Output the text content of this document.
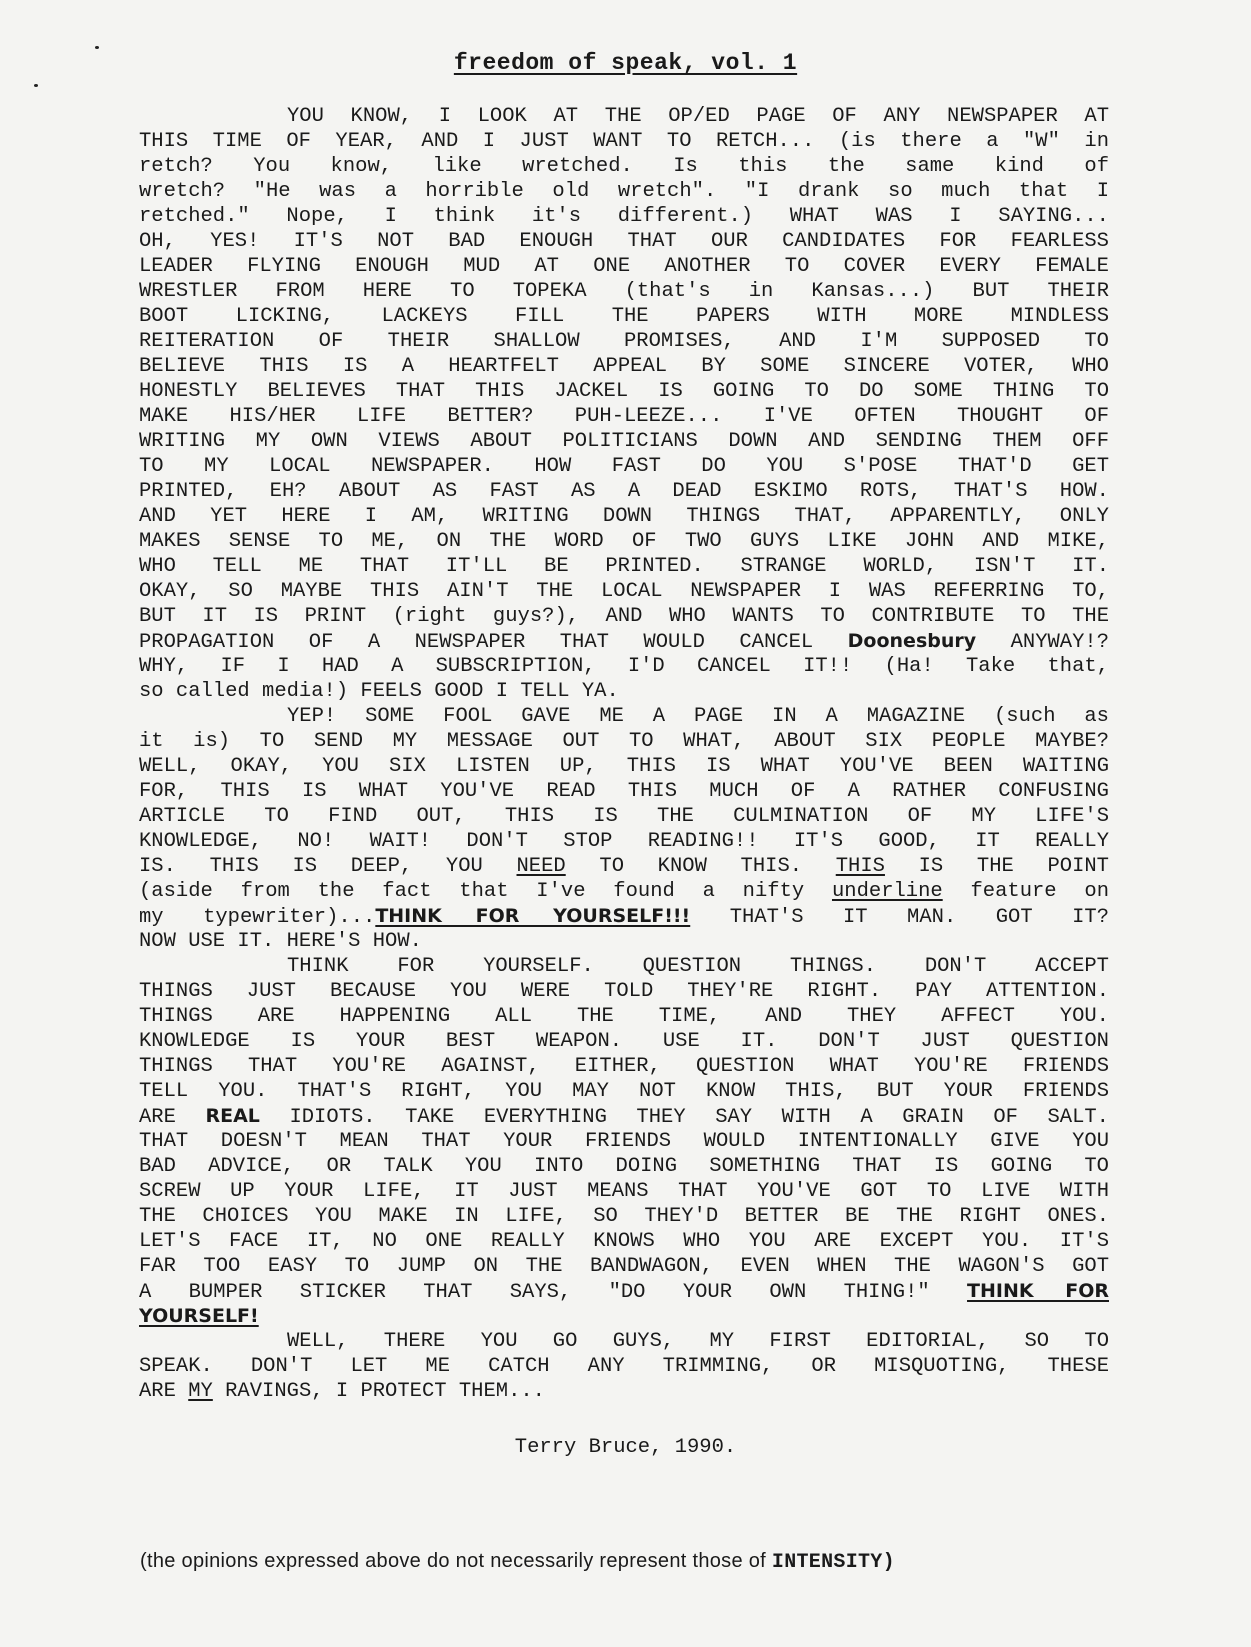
freedom of speak, vol. 1
YOU KNOW, I LOOK AT THE OP/ED PAGE OF ANY NEWSPAPER AT
THIS TIME OF YEAR, AND I JUST WANT TO RETCH... (is there a "W" in
retch? You know, like wretched. Is this the same kind of
wretch? "He was a horrible old wretch". "I drank so much that I
retched." Nope, I think it's different.) WHAT WAS I SAYING...
OH, YES! IT'S NOT BAD ENOUGH THAT OUR CANDIDATES FOR FEARLESS
LEADER FLYING ENOUGH MUD AT ONE ANOTHER TO COVER EVERY FEMALE
WRESTLER FROM HERE TO TOPEKA (that's in Kansas...) BUT THEIR
BOOT LICKING, LACKEYS FILL THE PAPERS WITH MORE MINDLESS
REITERATION OF THEIR SHALLOW PROMISES, AND I'M SUPPOSED TO
BELIEVE THIS IS A HEARTFELT APPEAL BY SOME SINCERE VOTER, WHO
HONESTLY BELIEVES THAT THIS JACKEL IS GOING TO DO SOME THING TO
MAKE HIS/HER LIFE BETTER? PUH-LEEZE... I'VE OFTEN THOUGHT OF
WRITING MY OWN VIEWS ABOUT POLITICIANS DOWN AND SENDING THEM OFF
TO MY LOCAL NEWSPAPER. HOW FAST DO YOU S'POSE THAT'D GET
PRINTED, EH? ABOUT AS FAST AS A DEAD ESKIMO ROTS, THAT'S HOW.
AND YET HERE I AM, WRITING DOWN THINGS THAT, APPARENTLY, ONLY
MAKES SENSE TO ME, ON THE WORD OF TWO GUYS LIKE JOHN AND MIKE,
WHO TELL ME THAT IT'LL BE PRINTED. STRANGE WORLD, ISN'T IT.
OKAY, SO MAYBE THIS AIN'T THE LOCAL NEWSPAPER I WAS REFERRING TO,
BUT IT IS PRINT (right guys?), AND WHO WANTS TO CONTRIBUTE TO THE
PROPAGATION OF A NEWSPAPER THAT WOULD CANCEL Doonesbury ANYWAY!?
WHY, IF I HAD A SUBSCRIPTION, I'D CANCEL IT!! (Ha! Take that,
so called media!) FEELS GOOD I TELL YA.
YEP! SOME FOOL GAVE ME A PAGE IN A MAGAZINE (such as
it is) TO SEND MY MESSAGE OUT TO WHAT, ABOUT SIX PEOPLE MAYBE?
WELL, OKAY, YOU SIX LISTEN UP, THIS IS WHAT YOU'VE BEEN WAITING
FOR, THIS IS WHAT YOU'VE READ THIS MUCH OF A RATHER CONFUSING
ARTICLE TO FIND OUT, THIS IS THE CULMINATION OF MY LIFE'S
KNOWLEDGE, NO! WAIT! DON'T STOP READING!! IT'S GOOD, IT REALLY
IS. THIS IS DEEP, YOU NEED TO KNOW THIS. THIS IS THE POINT
(aside from the fact that I've found a nifty underline feature on
my typewriter)...THINK FOR YOURSELF!!! THAT'S IT MAN. GOT IT?
NOW USE IT. HERE'S HOW.
THINK FOR YOURSELF. QUESTION THINGS. DON'T ACCEPT
THINGS JUST BECAUSE YOU WERE TOLD THEY'RE RIGHT. PAY ATTENTION.
THINGS ARE HAPPENING ALL THE TIME, AND THEY AFFECT YOU.
KNOWLEDGE IS YOUR BEST WEAPON. USE IT. DON'T JUST QUESTION
THINGS THAT YOU'RE AGAINST, EITHER, QUESTION WHAT YOU'RE FRIENDS
TELL YOU. THAT'S RIGHT, YOU MAY NOT KNOW THIS, BUT YOUR FRIENDS
ARE REAL IDIOTS. TAKE EVERYTHING THEY SAY WITH A GRAIN OF SALT.
THAT DOESN'T MEAN THAT YOUR FRIENDS WOULD INTENTIONALLY GIVE YOU
BAD ADVICE, OR TALK YOU INTO DOING SOMETHING THAT IS GOING TO
SCREW UP YOUR LIFE, IT JUST MEANS THAT YOU'VE GOT TO LIVE WITH
THE CHOICES YOU MAKE IN LIFE, SO THEY'D BETTER BE THE RIGHT ONES.
LET'S FACE IT, NO ONE REALLY KNOWS WHO YOU ARE EXCEPT YOU. IT'S
FAR TOO EASY TO JUMP ON THE BANDWAGON, EVEN WHEN THE WAGON'S GOT
A BUMPER STICKER THAT SAYS, "DO YOUR OWN THING!" THINK FOR
YOURSELF!
WELL, THERE YOU GO GUYS, MY FIRST EDITORIAL, SO TO
SPEAK. DON'T LET ME CATCH ANY TRIMMING, OR MISQUOTING, THESE
ARE MY RAVINGS, I PROTECT THEM...
Terry Bruce, 1990.
(the opinions expressed above do not necessarily represent those of INTENSITY)
